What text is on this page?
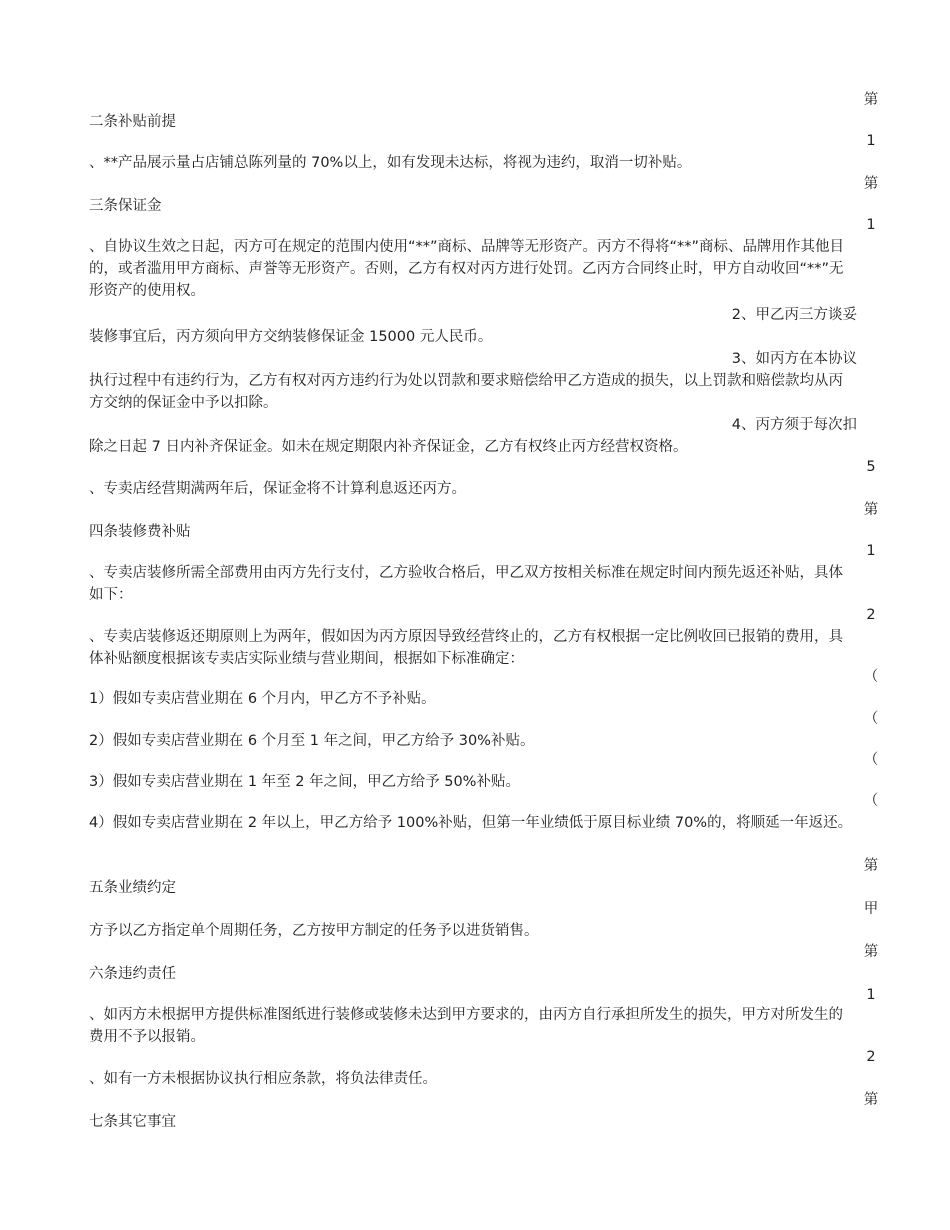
二条补贴前提

、**产品展示量占店铺总陈列量的 70%以上，如有发现未达标，将视为违约，取消一切补贴。

三条保证金

、自协议生效之日起，丙方可在规定的范围内使用“**”商标、品牌等无形资产。丙方不得将“**”商标、品牌用作其他目的，或者滥用甲方商标、声誉等无形资产。否则，乙方有权对丙方进行处罚。乙丙方合同终止时，甲方自动收回“**”无形资产的使用权。

2、甲乙丙三方谈妥

装修事宜后，丙方须向甲方交纳装修保证金 15000 元人民币。

3、如丙方在本协议

执行过程中有违约行为，乙方有权对丙方违约行为处以罚款和要求赔偿给甲乙方造成的损失，以上罚款和赔偿款均从丙方交纳的保证金中予以扣除。

4、丙方须于每次扣

除之日起 7 日内补齐保证金。如未在规定期限内补齐保证金，乙方有权终止丙方经营权资格。

、专卖店经营期满两年后，保证金将不计算利息返还丙方。

四条装修费补贴

、专卖店装修所需全部费用由丙方先行支付，乙方验收合格后，甲乙双方按相关标准在规定时间内预先返还补贴，具体如下：

、专卖店装修返还期原则上为两年，假如因为丙方原因导致经营终止的，乙方有权根据一定比例收回已报销的费用，具体补贴额度根据该专卖店实际业绩与营业期间，根据如下标准确定：

1）假如专卖店营业期在 6 个月内，甲乙方不予补贴。

2）假如专卖店营业期在 6 个月至 1 年之间，甲乙方给予 30%补贴。

3）假如专卖店营业期在 1 年至 2 年之间，甲乙方给予 50%补贴。

4）假如专卖店营业期在 2 年以上，甲乙方给予 100%补贴，但第一年业绩低于原目标业绩 70%的，将顺延一年返还。

五条业绩约定

方予以乙方指定单个周期任务，乙方按甲方制定的任务予以进货销售。

六条违约责任

、如丙方未根据甲方提供标准图纸进行装修或装修未达到甲方要求的，由丙方自行承担所发生的损失，甲方对所发生的费用不予以报销。

、如有一方未根据协议执行相应条款，将负法律责任。

七条其它事宜

第
1
第
1
5
第
1
2
（
（
（
（
第
甲
第
1
2
第
